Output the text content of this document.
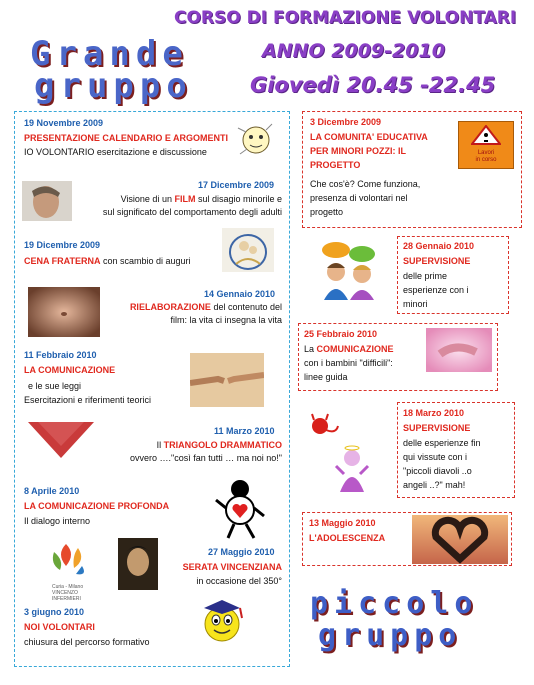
CORSO DI FORMAZIONE VOLONTARI
ANNO 2009-2010
Giovedì 20.45 -22.45
Grande
gruppo
19 Novembre 2009
PRESENTAZIONE CALENDARIO E ARGOMENTI
IO VOLONTARIO esercitazione e discussione
17 Dicembre 2009
Visione di un FILM sul disagio minorile e
sul significato del comportamento degli adulti
19 Dicembre 2009
CENA FRATERNA con scambio di auguri
14 Gennaio 2010
RIELABORAZIONE del contenuto del
film: la vita ci insegna la vita
11 Febbraio 2010
LA COMUNICAZIONE
e le sue leggi
Esercitazioni e riferimenti teorici
11 Marzo 2010
Il TRIANGOLO DRAMMATICO
ovvero …."così fan tutti … ma noi no!"
8 Aprile 2010
LA COMUNICAZIONE PROFONDA
Il dialogo interno
Curia - Milano
VINCENZO
INFERMIERI
27 Maggio 2010
SERATA VINCENZIANA
in occasione del 350°
3 giugno 2010
NOI VOLONTARI
chiusura del percorso formativo
3 Dicembre 2009
LA COMUNITA' EDUCATIVA
PER MINORI POZZI: IL
PROGETTO
Che cos'è? Come funziona,
presenza di volontari nel
progetto
Lavori
in corso
28 Gennaio 2010
SUPERVISIONE
delle prime
esperienze con i
minori
25 Febbraio 2010
La COMUNICAZIONE
con i bambini "difficili":
linee guida
18 Marzo 2010
SUPERVISIONE
delle esperienze fin
qui vissute con i
"piccoli diavoli ..o
angeli ..?" mah!
13 Maggio 2010
L'ADOLESCENZA
piccolo
gruppo
